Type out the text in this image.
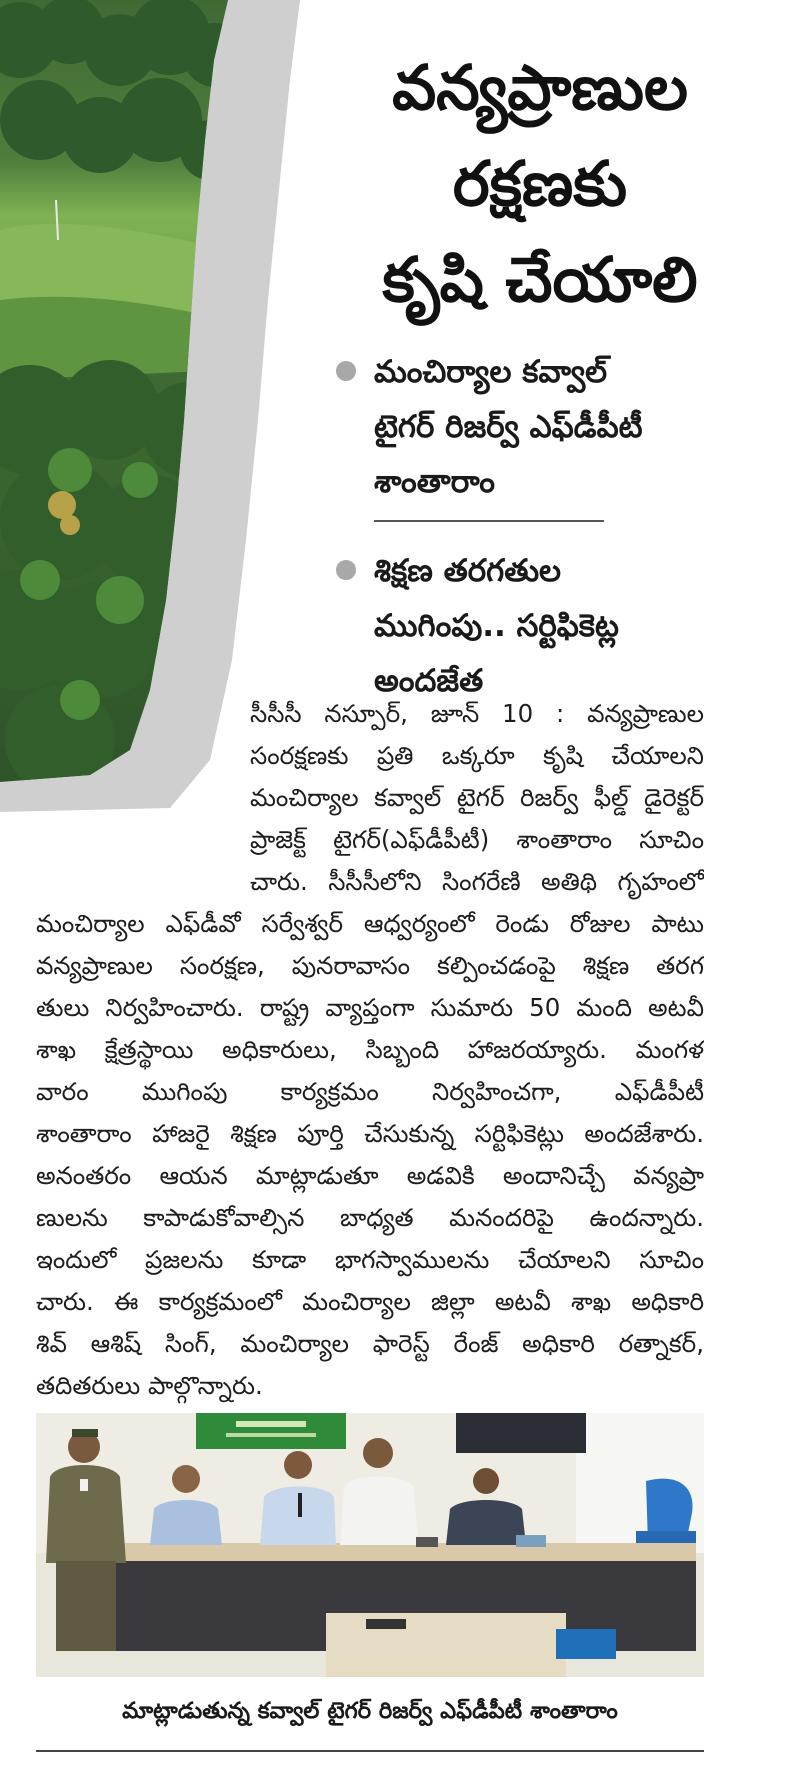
వన్యప్రాణుల
రక్షణకు
కృషి చేయాలి
మంచిర్యాల కవ్వాల్
టైగర్ రిజర్వ్ ఎఫ్‌డీపీటీ
శాంతారాం
శిక్షణ తరగతుల
ముగింపు.. సర్టిఫికెట్ల
అందజేత
సీసీసీ నస్పూర్, జూన్ 10 : వన్యప్రాణుల
సంరక్షణకు ప్రతి ఒక్కరూ కృషి చేయాలని
మంచిర్యాల కవ్వాల్ టైగర్ రిజర్వ్ ఫీల్డ్ డైరెక్టర్
ప్రాజెక్ట్ టైగర్(ఎఫ్‌డీపీటీ) శాంతారాం సూచిం
చారు. సీసీసీలోని సింగరేణి అతిథి గృహంలో
మంచిర్యాల ఎఫ్‌డీవో సర్వేశ్వర్ ఆధ్వర్యంలో రెండు రోజుల పాటు
వన్యప్రాణుల సంరక్షణ, పునరావాసం కల్పించడంపై శిక్షణ తరగ
తులు నిర్వహించారు. రాష్ట్ర వ్యాప్తంగా సుమారు 50 మంది అటవీ
శాఖ క్షేత్రస్థాయి అధికారులు, సిబ్బంది హాజరయ్యారు. మంగళ
వారం ముగింపు కార్యక్రమం నిర్వహించగా, ఎఫ్‌డీపీటీ
శాంతారాం హాజరై శిక్షణ పూర్తి చేసుకున్న సర్టిఫికెట్లు అందజేశారు.
అనంతరం ఆయన మాట్లాడుతూ అడవికి అందానిచ్చే వన్యప్రా
ణులను కాపాడుకోవాల్సిన బాధ్యత మనందరిపై ఉందన్నారు.
ఇందులో ప్రజలను కూడా భాగస్వాములను చేయాలని సూచిం
చారు. ఈ కార్యక్రమంలో మంచిర్యాల జిల్లా అటవీ శాఖ అధికారి
శివ్ ఆశిష్ సింగ్, మంచిర్యాల ఫారెస్ట్ రేంజ్ అధికారి రత్నాకర్,
తదితరులు పాల్గొన్నారు.
మాట్లాడుతున్న కవ్వాల్ టైగర్ రిజర్వ్ ఎఫ్‌డీపీటీ శాంతారాం
